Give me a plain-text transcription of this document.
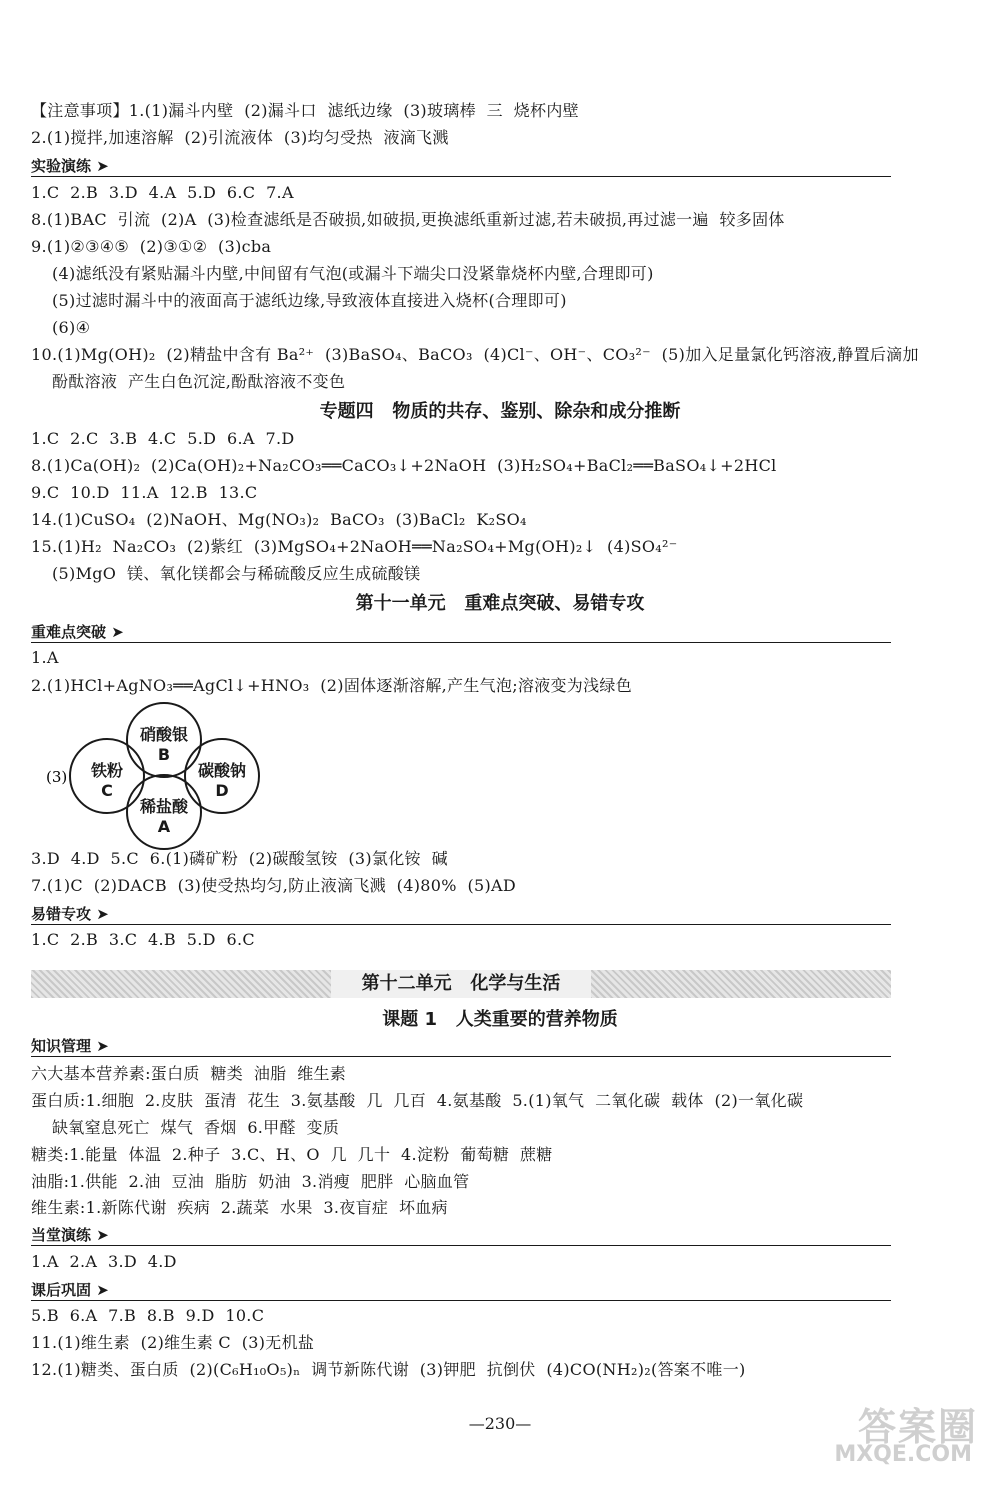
【注意事项】1.(1)漏斗内壁  (2)漏斗口  滤纸边缘  (3)玻璃棒  三  烧杯内壁
2.(1)搅拌,加速溶解  (2)引流液体  (3)均匀受热  液滴飞溅
实验演练 ➤
1.C  2.B  3.D  4.A  5.D  6.C  7.A
8.(1)BAC  引流  (2)A  (3)检查滤纸是否破损,如破损,更换滤纸重新过滤,若未破损,再过滤一遍  较多固体
9.(1)②③④⑤  (2)③①②  (3)cba
(4)滤纸没有紧贴漏斗内壁,中间留有气泡(或漏斗下端尖口没紧靠烧杯内壁,合理即可)
(5)过滤时漏斗中的液面高于滤纸边缘,导致液体直接进入烧杯(合理即可)
(6)④
10.(1)Mg(OH)₂  (2)精盐中含有 Ba²⁺  (3)BaSO₄、BaCO₃  (4)Cl⁻、OH⁻、CO₃²⁻  (5)加入足量氯化钙溶液,静置后滴加
酚酞溶液  产生白色沉淀,酚酞溶液不变色
专题四   物质的共存、鉴别、除杂和成分推断
1.C  2.C  3.B  4.C  5.D  6.A  7.D
8.(1)Ca(OH)₂  (2)Ca(OH)₂+Na₂CO₃══CaCO₃↓+2NaOH  (3)H₂SO₄+BaCl₂══BaSO₄↓+2HCl
9.C  10.D  11.A  12.B  13.C
14.(1)CuSO₄  (2)NaOH、Mg(NO₃)₂  BaCO₃  (3)BaCl₂  K₂SO₄
15.(1)H₂  Na₂CO₃  (2)紫红  (3)MgSO₄+2NaOH══Na₂SO₄+Mg(OH)₂↓  (4)SO₄²⁻
(5)MgO  镁、氧化镁都会与稀硫酸反应生成硫酸镁
第十一单元   重难点突破、易错专攻
重难点突破 ➤
1.A
2.(1)HCl+AgNO₃══AgCl↓+HNO₃  (2)固体逐渐溶解,产生气泡;溶液变为浅绿色
(3)
硝酸银
B
铁粉
C
碳酸钠
D
稀盐酸
A
3.D  4.D  5.C  6.(1)磷矿粉  (2)碳酸氢铵  (3)氯化铵  碱
7.(1)C  (2)DACB  (3)使受热均匀,防止液滴飞溅  (4)80%  (5)AD
易错专攻 ➤
1.C  2.B  3.C  4.B  5.D  6.C
第十二单元   化学与生活
课题 1   人类重要的营养物质
知识管理 ➤
六大基本营养素:蛋白质  糖类  油脂  维生素
蛋白质:1.细胞  2.皮肤  蛋清  花生  3.氨基酸  几  几百  4.氨基酸  5.(1)氧气  二氧化碳  载体  (2)一氧化碳
缺氧窒息死亡  煤气  香烟  6.甲醛  变质
糖类:1.能量  体温  2.种子  3.C、H、O  几  几十  4.淀粉  葡萄糖  蔗糖
油脂:1.供能  2.油  豆油  脂肪  奶油  3.消瘦  肥胖  心脑血管
维生素:1.新陈代谢  疾病  2.蔬菜  水果  3.夜盲症  坏血病
当堂演练 ➤
1.A  2.A  3.D  4.D
课后巩固 ➤
5.B  6.A  7.B  8.B  9.D  10.C
11.(1)维生素  (2)维生素 C  (3)无机盐
12.(1)糖类、蛋白质  (2)(C₆H₁₀O₅)ₙ  调节新陈代谢  (3)钾肥  抗倒伏  (4)CO(NH₂)₂(答案不唯一)
—230—	答案圈
MXQE.COM
